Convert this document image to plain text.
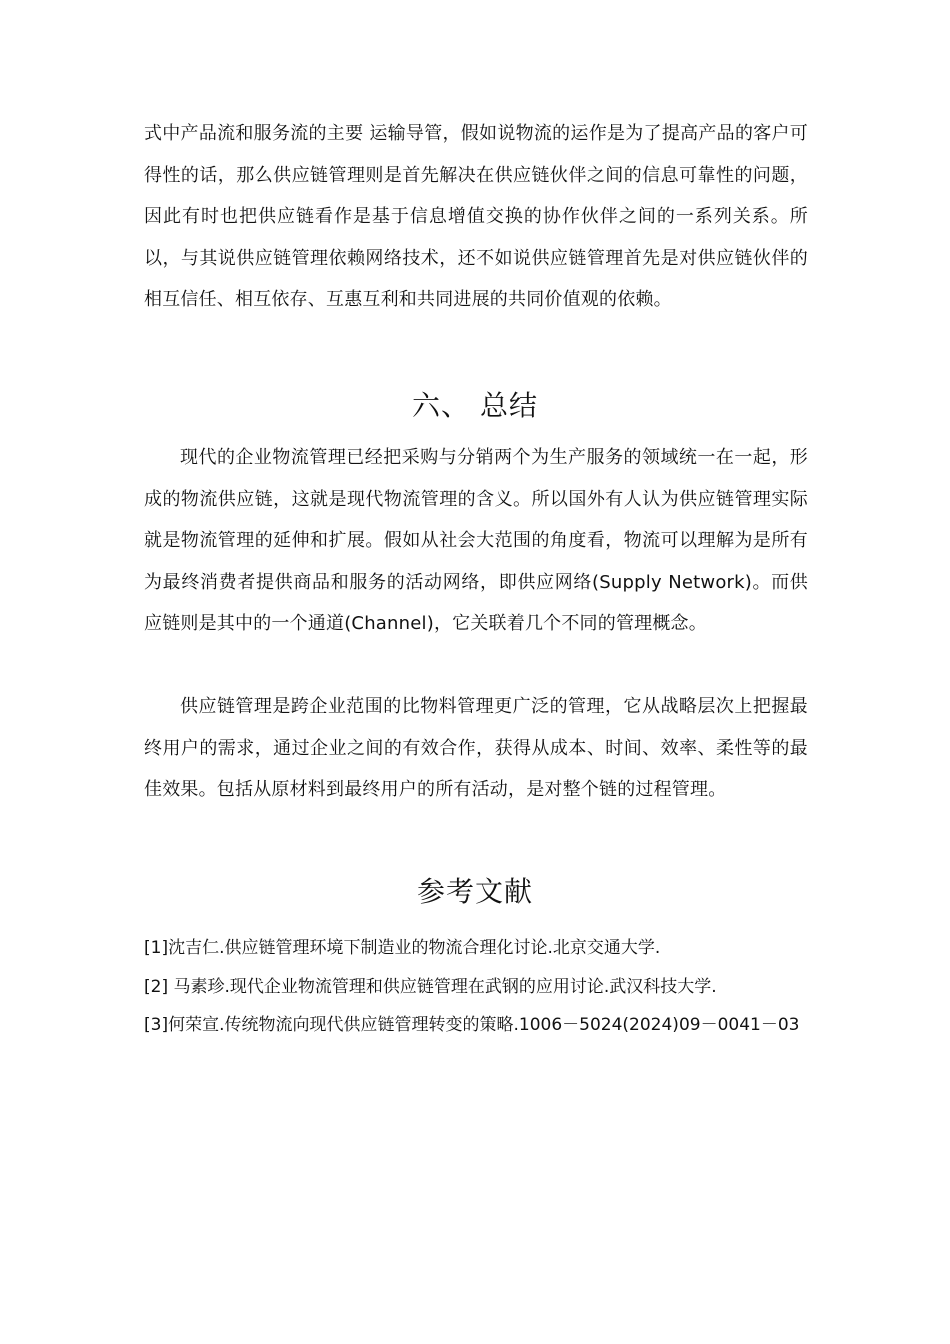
式中产品流和服务流的主要 运输导管，假如说物流的运作是为了提高产品的客户可得性的话，那么供应链管理则是首先解决在供应链伙伴之间的信息可靠性的问题，因此有时也把供应链看作是基于信息增值交换的协作伙伴之间的一系列关系。所以，与其说供应链管理依赖网络技术，还不如说供应链管理首先是对供应链伙伴的相互信任、相互依存、互惠互利和共同进展的共同价值观的依赖。
六、 总结
现代的企业物流管理已经把采购与分销两个为生产服务的领域统一在一起，形成的物流供应链，这就是现代物流管理的含义。所以国外有人认为供应链管理实际就是物流管理的延伸和扩展。假如从社会大范围的角度看，物流可以理解为是所有为最终消费者提供商品和服务的活动网络，即供应网络(Supply Network)。而供应链则是其中的一个通道(Channel)，它关联着几个不同的管理概念。
供应链管理是跨企业范围的比物料管理更广泛的管理，它从战略层次上把握最终用户的需求，通过企业之间的有效合作，获得从成本、时间、效率、柔性等的最佳效果。包括从原材料到最终用户的所有活动，是对整个链的过程管理。
参考文献

[1]沈吉仁.供应链管理环境下制造业的物流合理化讨论.北京交通大学.

[2] 马素珍.现代企业物流管理和供应链管理在武钢的应用讨论.武汉科技大学.

[3]何荣宣.传统物流向现代供应链管理转变的策略.1006－5024(2024)09－0041－03
